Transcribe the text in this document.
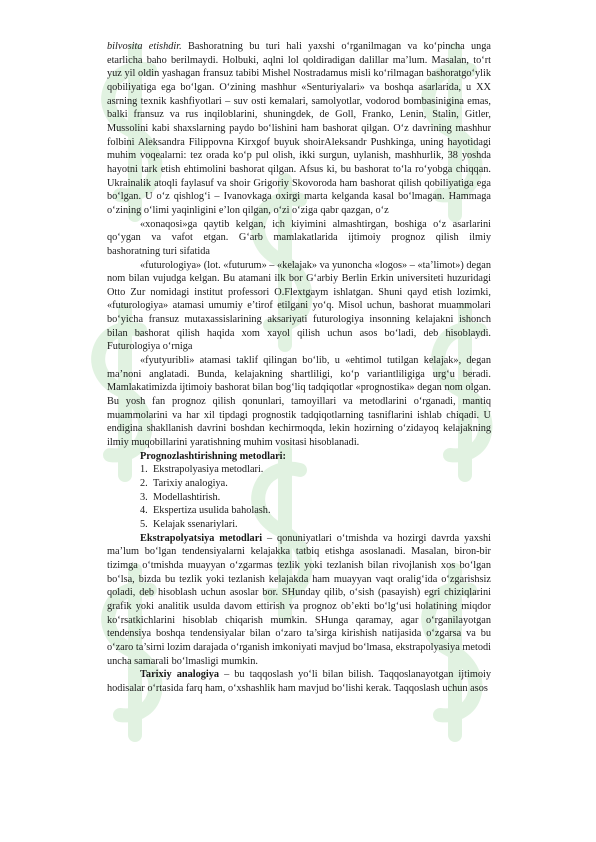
bilvosita etishdir. Bashoratning bu turi hali yaxshi o‘rganilmagan va ko‘pincha unga etarlicha baho berilmaydi. Holbuki, aqlni lol qoldiradigan dalillar ma’lum. Masalan, to‘rt yuz yil oldin yashagan fransuz tabibi Mishel Nostradamus misli ko‘rilmagan bashoratgo‘ylik qobiliyatiga ega bo‘lgan. O‘zining mashhur «Senturiyalari» va boshqa asarlarida, u XX asrning texnik kashfiyotlari – suv osti kemalari, samolyotlar, vodorod bombasinigina emas, balki fransuz va rus inqiloblarini, shuningdek, de Goll, Franko, Lenin, Stalin, Gitler, Mussolini kabi shaxslarning paydo bo‘lishini ham bashorat qilgan. O‘z davrining mashhur folbini Aleksandra Filippovna Kirxgof buyuk shoirAleksandr Pushkinga, uning hayotidagi muhim voqealarni: tez orada ko‘p pul olish, ikki surgun, uylanish, mashhurlik, 38 yoshda hayotni tark etish ehtimolini bashorat qilgan. Afsus ki, bu bashorat to‘la ro‘yobga chiqqan. Ukrainalik atoqli faylasuf va shoir Grigoriy Skovoroda ham bashorat qilish qobiliyatiga ega bo‘lgan. U o‘z qishlog‘i – Ivanovkaga oxirgi marta kelganda kasal bo‘lmagan. Hammaga o‘zining o‘limi yaqinligini e’lon qilgan, o‘zi o‘ziga qabr qazgan, o‘z

«xonaqosi»ga qaytib kelgan, ich kiyimini almashtirgan, boshiga o‘z asarlarini

qo‘ygan va vafot etgan. G‘arb mamlakatlarida ijtimoiy prognoz qilish ilmiy

bashoratning turi sifatida

«futurologiya» (lot. «futurum» – «kelajak» va yunoncha «logos» – «ta’limot») degan nom bilan vujudga kelgan. Bu atamani ilk bor G‘arbiy Berlin Erkin universiteti huzuridagi Otto Zur nomidagi institut professori O.Flextgaym ishlatgan. Shuni qayd etish lozimki, «futurologiya» atamasi umumiy e’tirof etilgani yo‘q. Misol uchun, bashorat muammolari bo‘yicha fransuz mutaxassislarining aksariyati futurologiya insonning kelajakni ishonch bilan bashorat qilish haqida xom xayol qilish uchun asos bo‘ladi, deb hisoblaydi. Futurologiya o‘rniga

«fyutyuribli» atamasi taklif qilingan bo‘lib, u «ehtimol tutilgan kelajak», degan ma’noni anglatadi. Bunda, kelajakning shartliligi, ko‘p variantliligiga urg‘u beradi. Mamlakatimizda ijtimoiy bashorat bilan bog‘liq tadqiqotlar «prognostika» degan nom olgan. Bu yosh fan prognoz qilish qonunlari, tamoyillari va metodlarini o‘rganadi, mantiq muammolarini va har xil tipdagi prognostik tadqiqotlarning tasniflarini ishlab chiqadi. U endigina shakllanish davrini boshdan kechirmoqda, lekin hozirning o‘zidayoq kelajakning ilmiy muqobillarini yaratishning muhim vositasi hisoblanadi.

Prognozlashtirishning metodlari:

1. Ekstrapolyasiya metodlari.
2. Tarixiy analogiya.
3. Modellashtirish.
4. Ekspertiza usulida baholash.
5. Kelajak ssenariylari.

Ekstrapolyatsiya metodlari – qonuniyatlari o‘tmishda va hozirgi davrda yaxshi ma’lum bo‘lgan tendensiyalarni kelajakka tatbiq etishga asoslanadi. Masalan, biron-bir tizimga o‘tmishda muayyan o‘zgarmas tezlik yoki tezlanish bilan rivojlanish xos bo‘lgan bo‘lsa, bizda bu tezlik yoki tezlanish kelajakda ham muayyan vaqt oralig‘ida o‘zgarishsiz qoladi, deb hisoblash uchun asoslar bor. SHunday qilib, o‘sish (pasayish) egri chiziqlarini grafik yoki analitik usulda davom ettirish va prognoz ob’ekti bo‘lg‘usi holatining miqdor ko‘rsatkichlarini hisoblab chiqarish mumkin. SHunga qaramay, agar o‘rganilayotgan tendensiya boshqa tendensiyalar bilan o‘zaro ta’sirga kirishish natijasida o‘zgarsa va bu o‘zaro ta’sirni lozim darajada o‘rganish imkoniyati mavjud bo‘lmasa, ekstrapolyasiya metodi uncha samarali bo‘lmasligi mumkin.

Tarixiy analogiya – bu taqqoslash yo‘li bilan bilish. Taqqoslanayotgan ijtimoiy hodisalar o‘rtasida farq ham, o‘xshashlik ham mavjud bo‘lishi kerak. Taqqoslash uchun asos
